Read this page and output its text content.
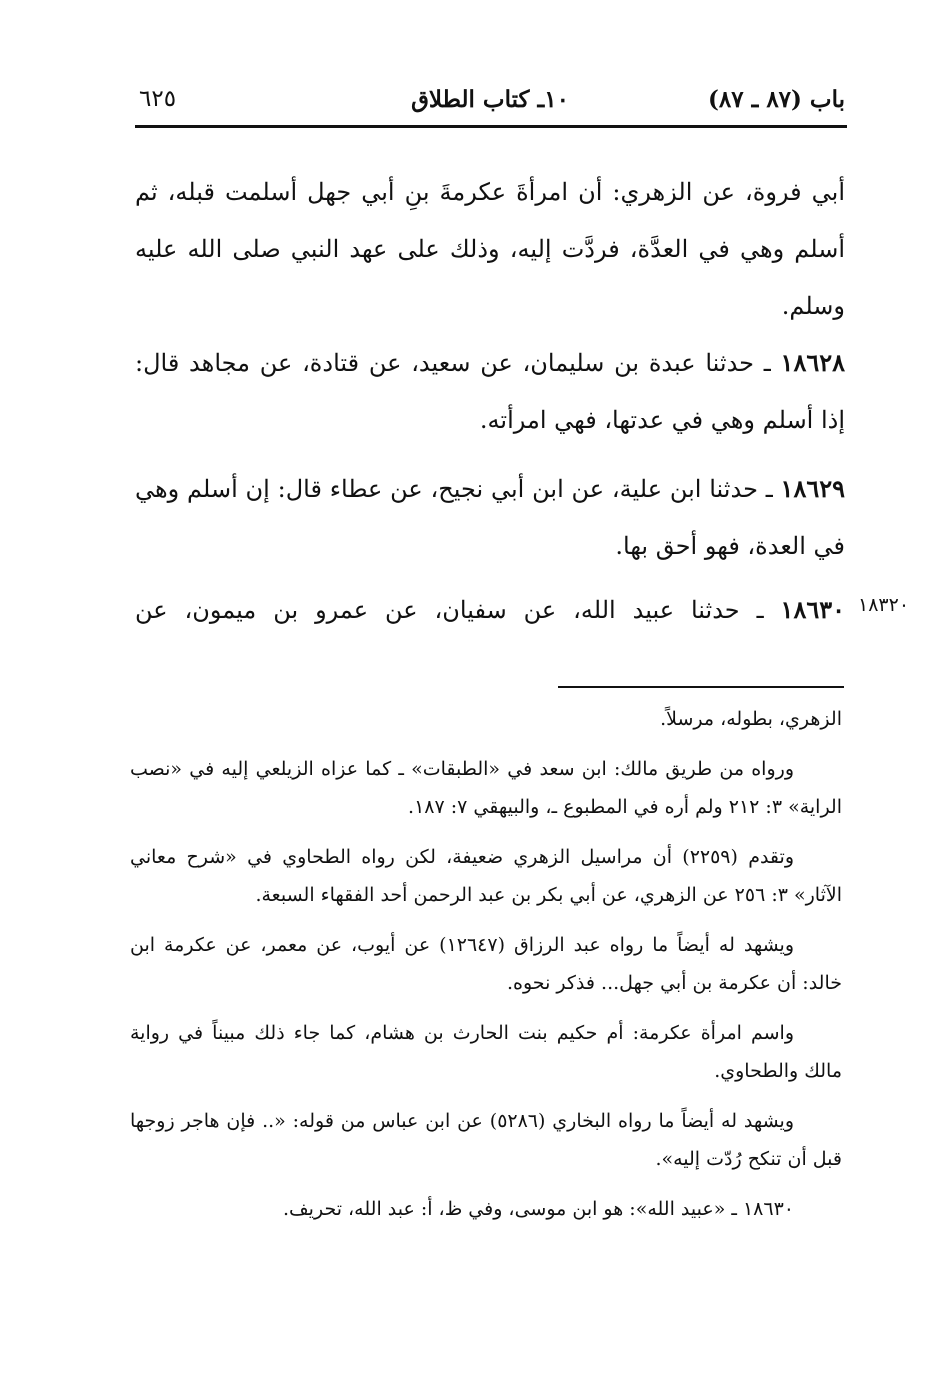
باب (٨٧ ـ ٨٧)
١٠ـ كتاب الطلاق
٦٢٥
أبي فروة، عن الزهري: أن امرأةَ عكرمةَ بنِ أبي جهل أسلمت قبله، ثم أسلم وهي في العدَّة، فردَّت إليه، وذلك على عهد النبي صلى الله عليه وسلم.
١٨٦٢٨ ـ حدثنا عبدة بن سليمان، عن سعيد، عن قتادة، عن مجاهد قال: إذا أسلم وهي في عدتها، فهي امرأته.
١٨٦٢٩ ـ حدثنا ابن علية، عن ابن أبي نجيح، عن عطاء قال: إن أسلم وهي في العدة، فهو أحق بها.
١٨٦٣٠ ـ حدثنا عبيد الله، عن سفيان، عن عمرو بن ميمون، عن	١٨٣٢٠

الزهري، بطوله، مرسلاً.

ورواه من طريق مالك: ابن سعد في «الطبقات» ـ كما عزاه الزيلعي إليه في «نصب الراية» ٣: ٢١٢ ولم أره في المطبوع ـ، والبيهقي ٧: ١٨٧.

وتقدم (٢٢٥٩) أن مراسيل الزهري ضعيفة، لكن رواه الطحاوي في «شرح معاني الآثار» ٣: ٢٥٦ عن الزهري، عن أبي بكر بن عبد الرحمن أحد الفقهاء السبعة.

ويشهد له أيضاً ما رواه عبد الرزاق (١٢٦٤٧) عن أيوب، عن معمر، عن عكرمة ابن خالد: أن عكرمة بن أبي جهل... فذكر نحوه.

واسم امرأة عكرمة: أم حكيم بنت الحارث بن هشام، كما جاء ذلك مبيناً في رواية مالك والطحاوي.

ويشهد له أيضاً ما رواه البخاري (٥٢٨٦) عن ابن عباس من قوله: «.. فإن هاجر زوجها قبل أن تنكح رُدّت إليه».

١٨٦٣٠ ـ «عبيد الله»: هو ابن موسى، وفي ظ، أ: عبد الله، تحريف.
